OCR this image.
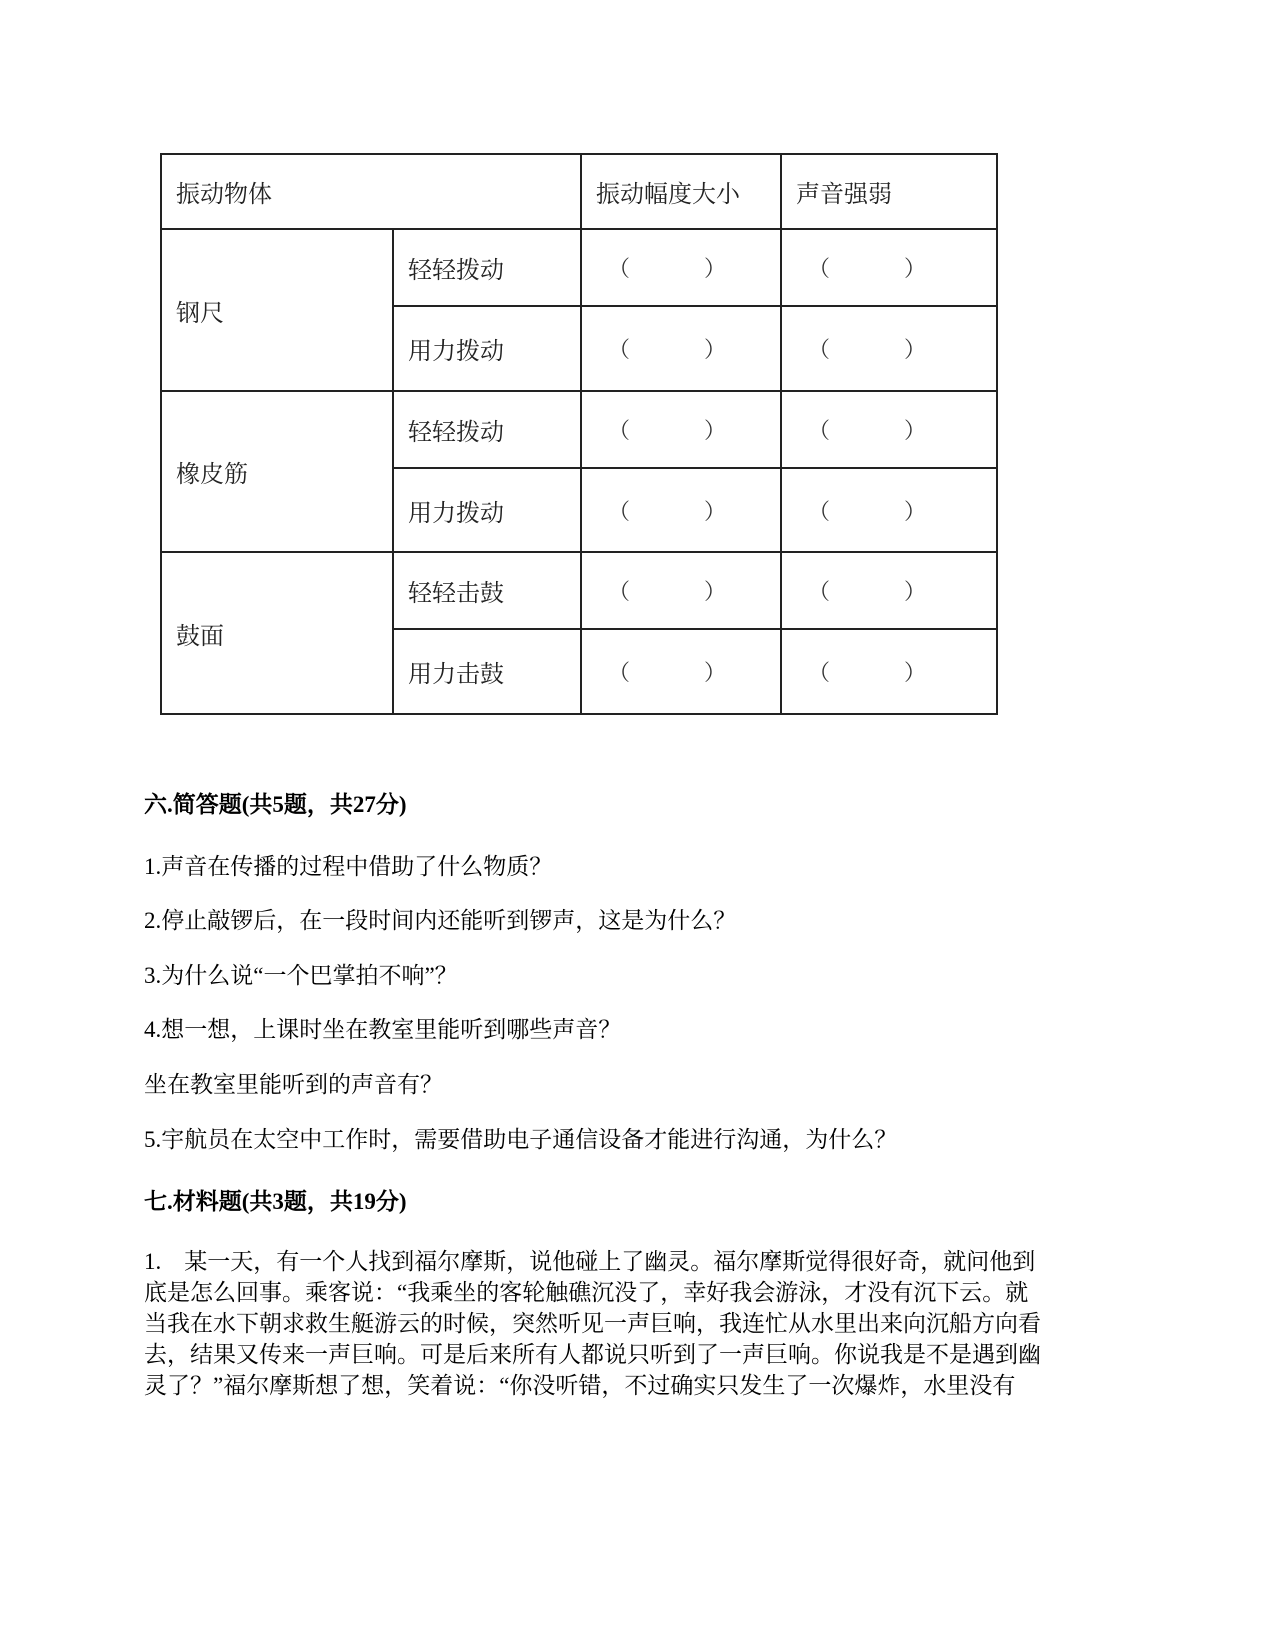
振动物体		振动幅度大小	声音强弱
钢尺	轻轻拨动	（ ）	（ ）
	用力拨动	（ ）	（ ）
橡皮筋	轻轻拨动	（ ）	（ ）
	用力拨动	（ ）	（ ）
鼓面	轻轻击鼓	（ ）	（ ）
	用力击鼓	（ ）	（ ）
六.简答题(共5题，共27分)
1.声音在传播的过程中借助了什么物质？
2.停止敲锣后，在一段时间内还能听到锣声，这是为什么？
3.为什么说“一个巴掌拍不响”？
4.想一想，上课时坐在教室里能听到哪些声音？
坐在教室里能听到的声音有？
5.宇航员在太空中工作时，需要借助电子通信设备才能进行沟通，为什么？
七.材料题(共3题，共19分)
1.　某一天，有一个人找到福尔摩斯，说他碰上了幽灵。福尔摩斯觉得很好奇，就问他到
底是怎么回事。乘客说：“我乘坐的客轮触礁沉没了，幸好我会游泳，才没有沉下云。就
当我在水下朝求救生艇游云的时候，突然听见一声巨响，我连忙从水里出来向沉船方向看
去，结果又传来一声巨响。可是后来所有人都说只听到了一声巨响。你说我是不是遇到幽
灵了？”福尔摩斯想了想，笑着说：“你没听错，不过确实只发生了一次爆炸，水里没有
